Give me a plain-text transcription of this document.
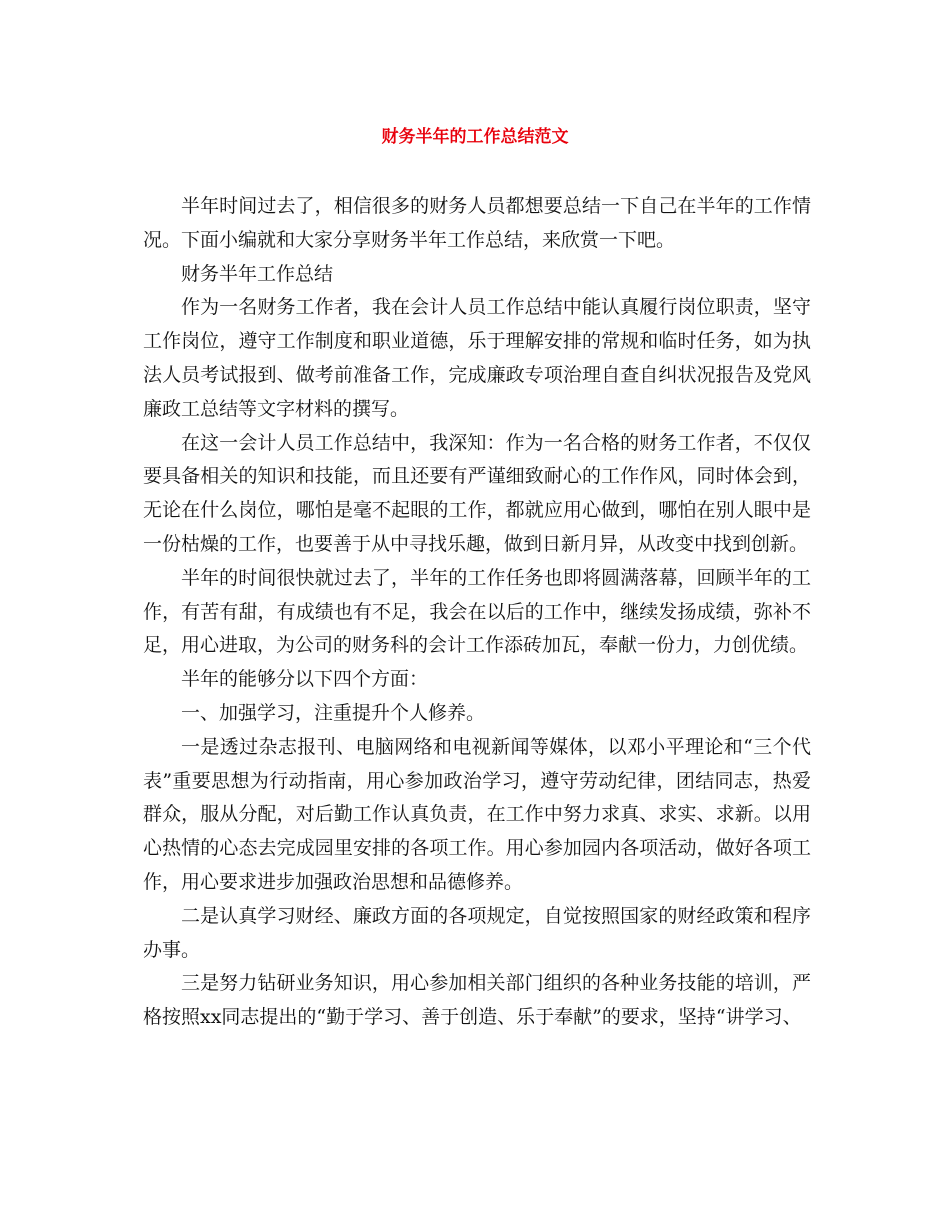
财务半年的工作总结范文

半年时间过去了，相信很多的财务人员都想要总结一下自己在半年的工作情况。下面小编就和大家分享财务半年工作总结，来欣赏一下吧。

财务半年工作总结

作为一名财务工作者，我在会计人员工作总结中能认真履行岗位职责，坚守工作岗位，遵守工作制度和职业道德，乐于理解安排的常规和临时任务，如为执法人员考试报到、做考前准备工作，完成廉政专项治理自查自纠状况报告及党风廉政工总结等文字材料的撰写。

在这一会计人员工作总结中，我深知：作为一名合格的财务工作者，不仅仅要具备相关的知识和技能，而且还要有严谨细致耐心的工作作风，同时体会到，无论在什么岗位，哪怕是毫不起眼的工作，都就应用心做到，哪怕在别人眼中是一份枯燥的工作，也要善于从中寻找乐趣，做到日新月异，从改变中找到创新。

半年的时间很快就过去了，半年的工作任务也即将圆满落幕，回顾半年的工作，有苦有甜，有成绩也有不足，我会在以后的工作中，继续发扬成绩，弥补不足，用心进取，为公司的财务科的会计工作添砖加瓦，奉献一份力，力创优绩。

半年的能够分以下四个方面：

一、加强学习，注重提升个人修养。

一是透过杂志报刊、电脑网络和电视新闻等媒体，以邓小平理论和“三个代表”重要思想为行动指南，用心参加政治学习，遵守劳动纪律，团结同志，热爱群众，服从分配，对后勤工作认真负责，在工作中努力求真、求实、求新。以用心热情的心态去完成园里安排的各项工作。用心参加园内各项活动，做好各项工作，用心要求进步加强政治思想和品德修养。

二是认真学习财经、廉政方面的各项规定，自觉按照国家的财经政策和程序办事。

三是努力钻研业务知识，用心参加相关部门组织的各种业务技能的培训，严格按照xx同志提出的“勤于学习、善于创造、乐于奉献”的要求，坚持“讲学习、
